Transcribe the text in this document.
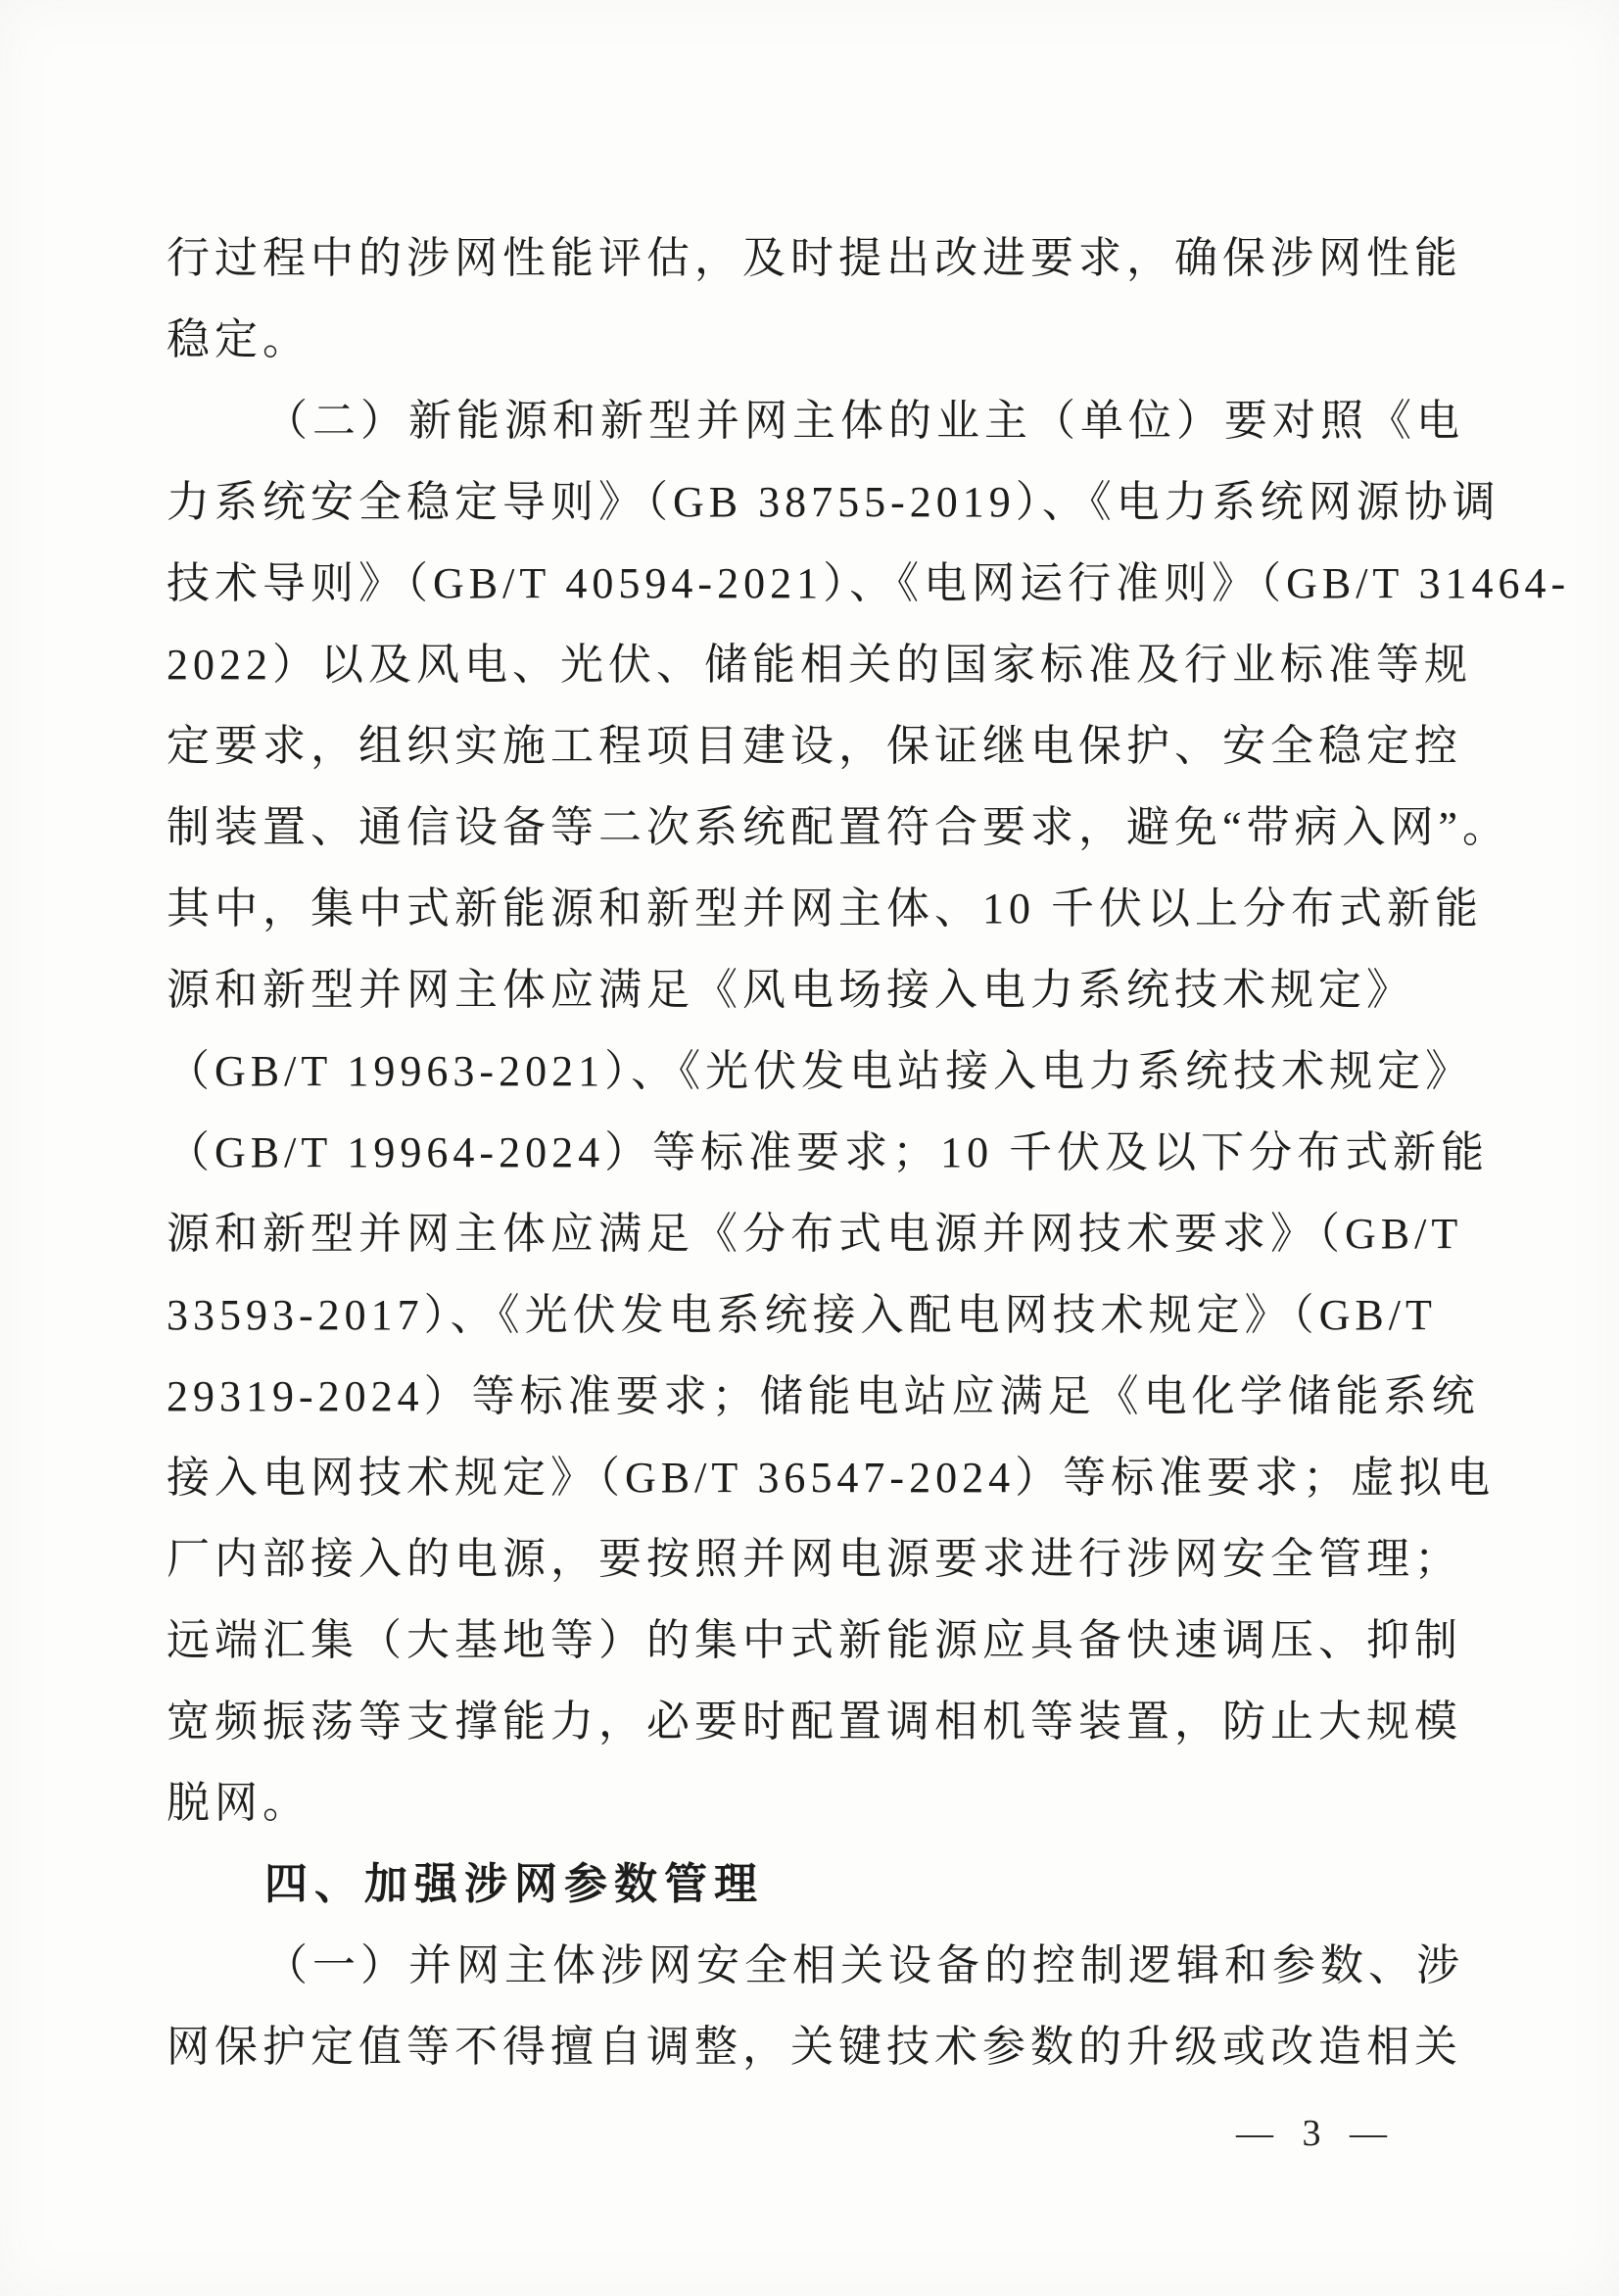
行过程中的涉网性能评估，及时提出改进要求，确保涉网性能
稳定。
（二）新能源和新型并网主体的业主（单位）要对照《电
力系统安全稳定导则》（GB 38755-2019）、《电力系统网源协调
技术导则》（GB/T 40594-2021）、《电网运行准则》（GB/T 31464-
2022）以及风电、光伏、储能相关的国家标准及行业标准等规
定要求，组织实施工程项目建设，保证继电保护、安全稳定控
制装置、通信设备等二次系统配置符合要求，避免“带病入网”。
其中，集中式新能源和新型并网主体、10 千伏以上分布式新能
源和新型并网主体应满足《风电场接入电力系统技术规定》
（GB/T 19963-2021）、《光伏发电站接入电力系统技术规定》
（GB/T 19964-2024）等标准要求；10 千伏及以下分布式新能
源和新型并网主体应满足《分布式电源并网技术要求》（GB/T
33593-2017）、《光伏发电系统接入配电网技术规定》（GB/T
29319-2024）等标准要求；储能电站应满足《电化学储能系统
接入电网技术规定》（GB/T 36547-2024）等标准要求；虚拟电
厂内部接入的电源，要按照并网电源要求进行涉网安全管理；
远端汇集（大基地等）的集中式新能源应具备快速调压、抑制
宽频振荡等支撑能力，必要时配置调相机等装置，防止大规模
脱网。
四、加强涉网参数管理
（一）并网主体涉网安全相关设备的控制逻辑和参数、涉
网保护定值等不得擅自调整，关键技术参数的升级或改造相关
— 3 —
